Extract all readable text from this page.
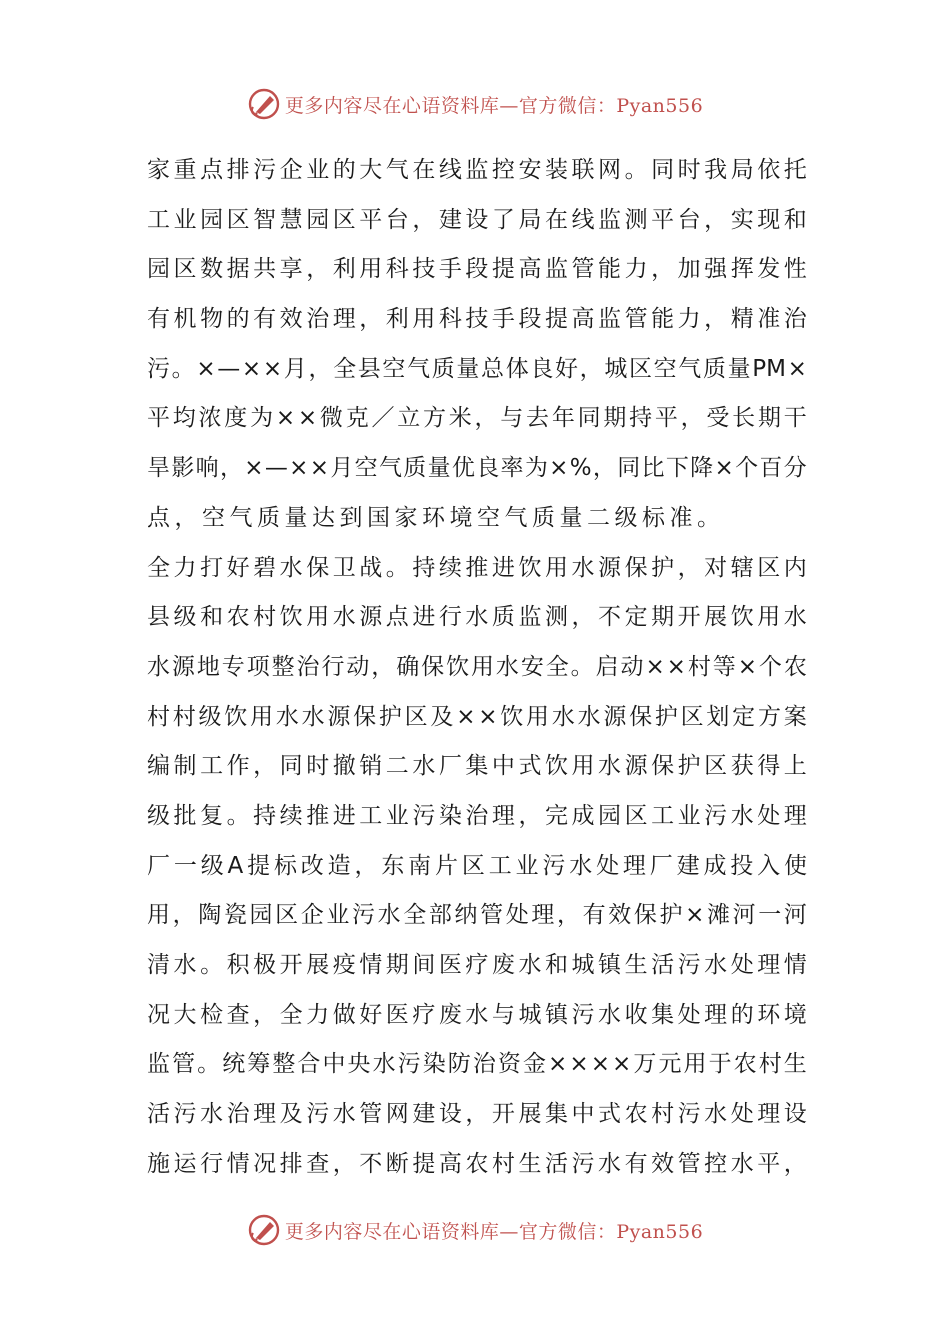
更多内容尽在心语资料库—官方微信：Pyan556
家 重 点 排 污 企 业 的 大 气 在 线 监 控 安 装 联 网 。 同 时 我 局 依 托
工 业 园 区 智 慧 园 区 平 台 ， 建 设 了 局 在 线 监 测 平 台 ， 实 现 和
园 区 数 据 共 享 ， 利 用 科 技 手 段 提 高 监 管 能 力 ， 加 强 挥 发 性
有 机 物 的 有 效 治 理 ， 利 用 科 技 手 段 提 高 监 管 能 力 ， 精 准 治
污 。 × — × × 月 ， 全 县 空 气 质 量 总 体 良 好 ， 城 区 空 气 质 量 PM ×
平 均 浓 度 为 × × 微 克 ／ 立 方 米 ， 与 去 年 同 期 持 平 ， 受 长 期 干
旱 影 响 ， × — × × 月 空 气 质 量 优 良 率 为 × % ， 同 比 下 降 × 个 百 分
点，空气质量达到国家环境空气质量二级标准。
全 力 打 好 碧 水 保 卫 战 。 持 续 推 进 饮 用 水 源 保 护 ， 对 辖 区 内
县 级 和 农 村 饮 用 水 源 点 进 行 水 质 监 测 ， 不 定 期 开 展 饮 用 水
水 源 地 专 项 整 治 行 动 ， 确 保 饮 用 水 安 全 。 启 动 × × 村 等 × 个 农
村 村 级 饮 用 水 水 源 保 护 区 及 × × 饮 用 水 水 源 保 护 区 划 定 方 案
编 制 工 作 ， 同 时 撤 销 二 水 厂 集 中 式 饮 用 水 源 保 护 区 获 得 上
级 批 复 。 持 续 推 进 工 业 污 染 治 理 ， 完 成 园 区 工 业 污 水 处 理
厂 一 级 A 提 标 改 造 ， 东 南 片 区 工 业 污 水 处 理 厂 建 成 投 入 使
用 ， 陶 瓷 园 区 企 业 污 水 全 部 纳 管 处 理 ， 有 效 保 护 × 滩 河 一 河
清 水 。 积 极 开 展 疫 情 期 间 医 疗 废 水 和 城 镇 生 活 污 水 处 理 情
况 大 检 查 ， 全 力 做 好 医 疗 废 水 与 城 镇 污 水 收 集 处 理 的 环 境
监 管 。 统 筹 整 合 中 央 水 污 染 防 治 资 金 × × × × 万 元 用 于 农 村 生
活 污 水 治 理 及 污 水 管 网 建 设 ， 开 展 集 中 式 农 村 污 水 处 理 设
施 运 行 情 况 排 查 ， 不 断 提 高 农 村 生 活 污 水 有 效 管 控 水 平 ，
更多内容尽在心语资料库—官方微信：Pyan556
